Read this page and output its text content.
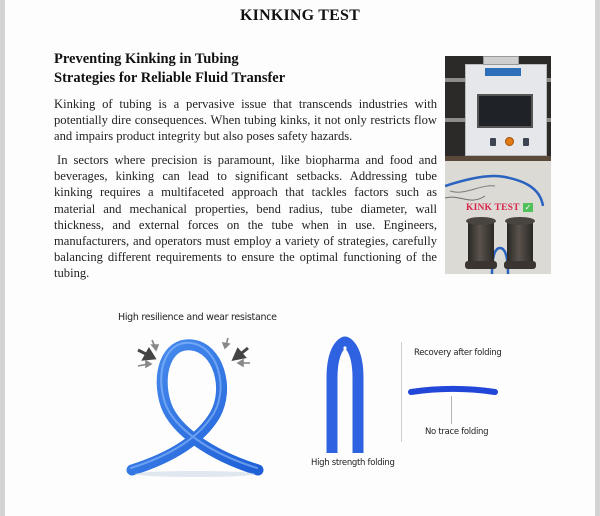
KINKING TEST
Preventing Kinking in Tubing
Strategies for Reliable Fluid Transfer

Kinking of tubing is a pervasive issue that transcends industries with potentially dire consequences. When tubing kinks, it not only restricts flow and impairs product integrity but also poses safety hazards.

In sectors where precision is paramount, like biopharma and food and beverages, kinking can lead to significant setbacks. Addressing tube kinking requires a multifaceted approach that tackles factors such as material and mechanical properties, bend radius, tube diameter, wall thickness, and external forces on the tube when in use. Engineers, manufacturers, and operators must employ a variety of strategies, carefully balancing different requirements to ensure the optimal functioning of the tubing.

KINK TEST ✓
High resilience and wear resistance
Recovery after folding
No trace folding
High strength folding
